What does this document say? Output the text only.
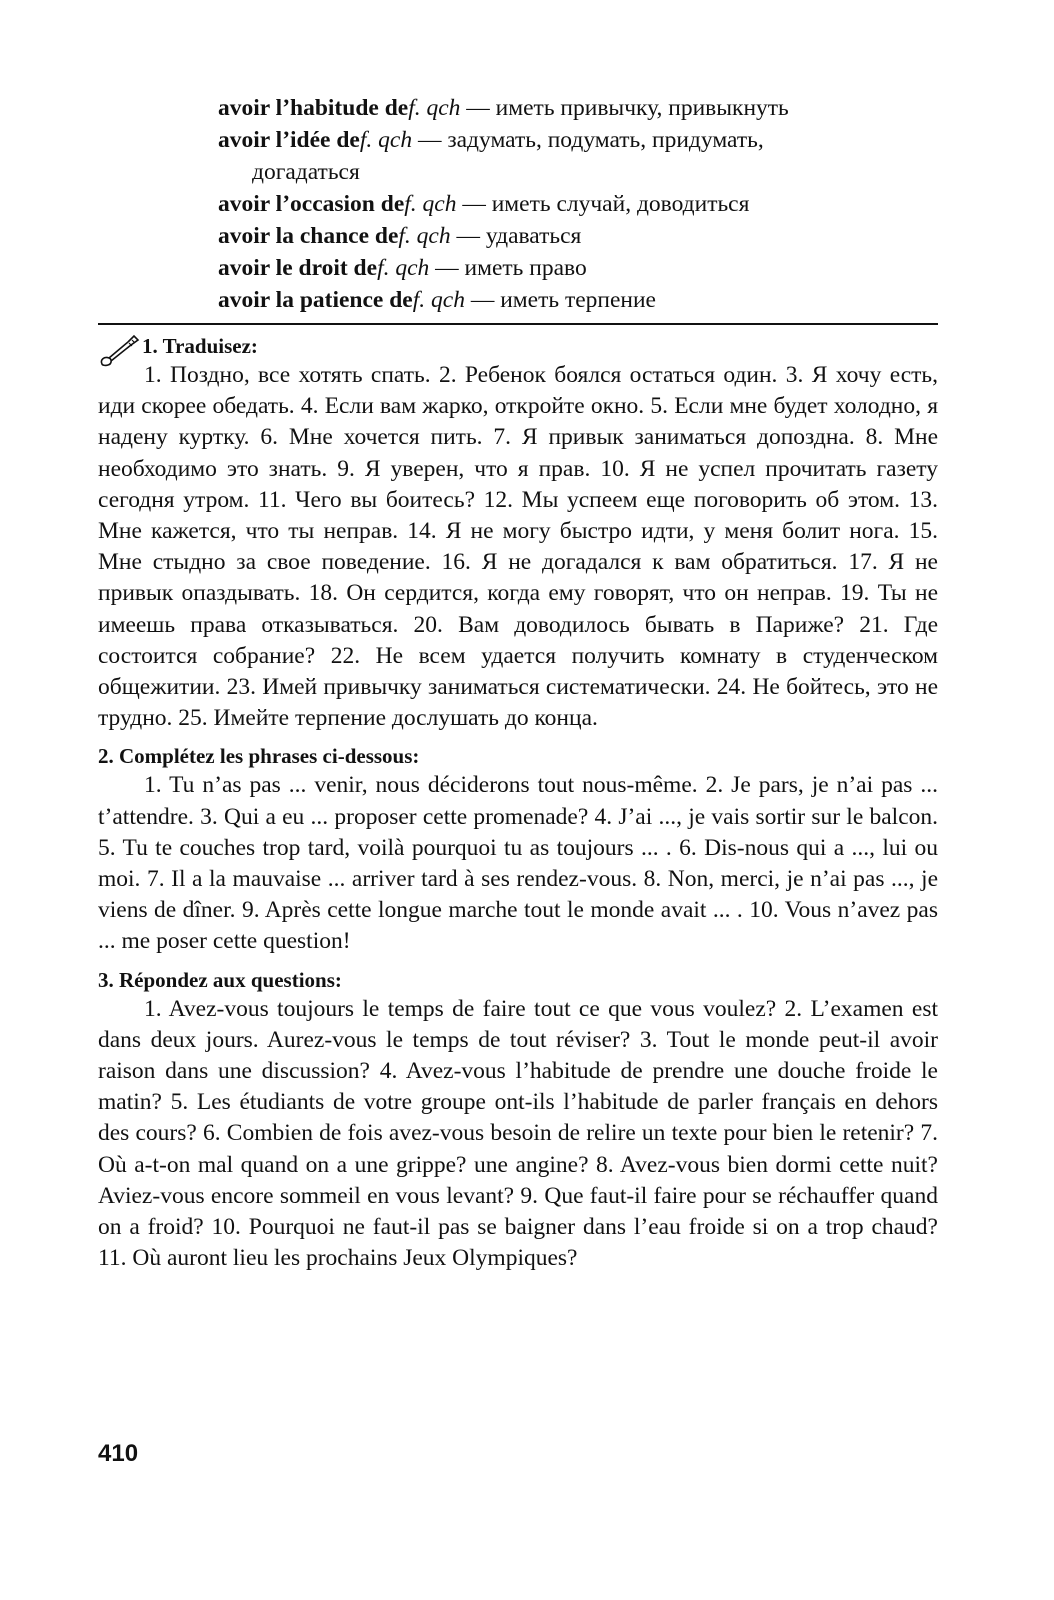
avoir l’habitude def. qch — иметь привычку, привыкнуть
avoir l’idée def. qch — задумать, подумать, придумать,
догадаться
avoir l’occasion def. qch — иметь случай, доводиться
avoir la chance def. qch — удаваться
avoir le droit def. qch — иметь право
avoir la patience def. qch — иметь терпение
1. Traduisez:
1. Поздно, все хотять спать. 2. Ребенок боялся остаться один. 3. Я хочу есть, иди скорее обедать. 4. Если вам жарко, откройте окно. 5. Если мне будет холодно, я надену куртку. 6. Мне хочется пить. 7. Я привык заниматься допоздна. 8. Мне необходимо это знать. 9. Я уверен, что я прав. 10. Я не успел прочитать газету сегодня утром. 11. Чего вы боитесь? 12. Мы успеем еще поговорить об этом. 13. Мне кажется, что ты неправ. 14. Я не могу быстро идти, у меня болит нога. 15. Мне стыдно за свое поведение. 16. Я не догадался к вам обратиться. 17. Я не привык опаздывать. 18. Он сердится, когда ему говорят, что он неправ. 19. Ты не имеешь права отказываться. 20. Вам доводилось бывать в Париже? 21. Где состоится собрание? 22. Не всем удается получить комнату в студенческом общежитии. 23. Имей привычку заниматься систематически. 24. Не бойтесь, это не трудно. 25. Имейте терпение дослушать до конца.
2. Complétez les phrases ci-dessous:
1. Tu n’as pas ... venir, nous déciderons tout nous-même. 2. Je pars, je n’ai pas ... t’attendre. 3. Qui a eu ... proposer cette promenade? 4. J’ai ..., je vais sortir sur le balcon. 5. Tu te couches trop tard, voilà pourquoi tu as toujours ... . 6. Dis-nous qui a ..., lui ou moi. 7. Il a la mauvaise ... arriver tard à ses rendez-vous. 8. Non, merci, je n’ai pas ..., je viens de dîner. 9. Après cette longue marche tout le monde avait ... . 10. Vous n’avez pas ... me poser cette question!
3. Répondez aux questions:
1. Avez-vous toujours le temps de faire tout ce que vous voulez? 2. L’examen est dans deux jours. Aurez-vous le temps de tout réviser? 3. Tout le monde peut-il avoir raison dans une discussion? 4. Avez-vous l’habitude de prendre une douche froide le matin? 5. Les étudiants de votre groupe ont-ils l’habitude de parler français en dehors des cours? 6. Combien de fois avez-vous besoin de relire un texte pour bien le retenir? 7. Où a-t-on mal quand on a une grippe? une angine? 8. Avez-vous bien dormi cette nuit? Aviez-vous encore sommeil en vous levant? 9. Que faut-il faire pour se réchauffer quand on a froid? 10. Pourquoi ne faut-il pas se baigner dans l’eau froide si on a trop chaud? 11. Où auront lieu les prochains Jeux Olympiques?
410
